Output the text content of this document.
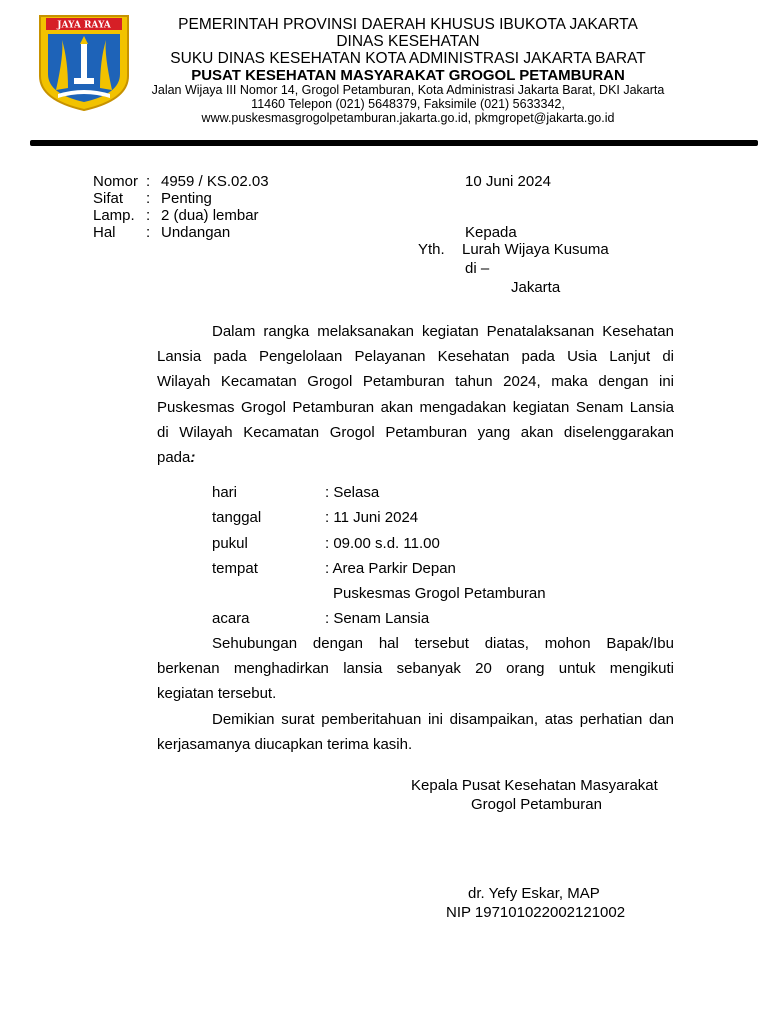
JAYA RAYA	PEMERINTAH PROVINSI DAERAH KHUSUS IBUKOTA JAKARTA
DINAS KESEHATAN
SUKU DINAS KESEHATAN KOTA ADMINISTRASI JAKARTA BARAT
PUSAT KESEHATAN MASYARAKAT GROGOL PETAMBURAN
Jalan Wijaya III Nomor 14, Grogol Petamburan, Kota Administrasi Jakarta Barat, DKI Jakarta
11460 Telepon (021) 5648379, Faksimile (021) 5633342,
www.puskesmasgrogolpetamburan.jakarta.go.id, pkmgropet@jakarta.go.id
Nomor : 4959 / KS.02.03
Sifat : Penting
Lamp. : 2 (dua) lembar
Hal : Undangan
10 Juni 2024
Kepada
Yth. Lurah Wijaya Kusuma
di –
Jakarta

Dalam rangka melaksanakan kegiatan Penatalaksanan Kesehatan

Lansia pada Pengelolaan Pelayanan Kesehatan pada Usia Lanjut di

Wilayah Kecamatan Grogol Petamburan tahun 2024, maka dengan ini

Puskesmas Grogol Petamburan akan mengadakan kegiatan Senam Lansia

di Wilayah Kecamatan Grogol Petamburan yang akan diselenggarakan

pada:

hari	: Selasa
tanggal	: 11 Juni 2024
pukul	: 09.00 s.d. 11.00
tempat	: Area Parkir Depan
Puskesmas Grogol Petamburan
acara	: Senam Lansia

Sehubungan dengan hal tersebut diatas, mohon Bapak/Ibu

berkenan menghadirkan lansia sebanyak 20 orang untuk mengikuti

kegiatan tersebut.

Demikian surat pemberitahuan ini disampaikan, atas perhatian dan

kerjasamanya diucapkan terima kasih.

Kepala Pusat Kesehatan Masyarakat
Grogol Petamburan
dr. Yefy Eskar, MAP
NIP 197101022002121002
